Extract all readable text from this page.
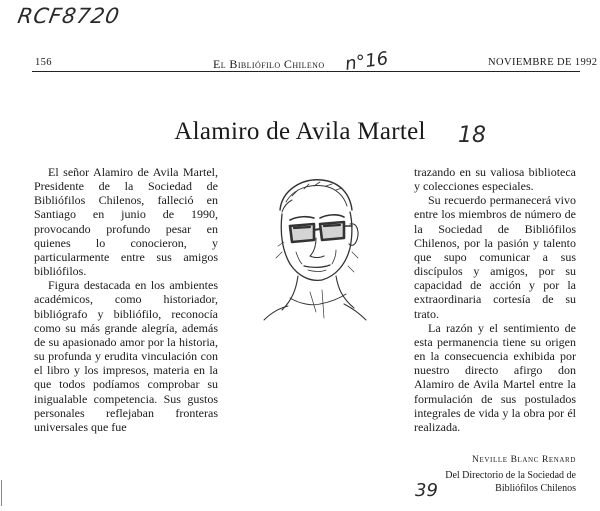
RCF8720
156	El Bibliófilo Chileno n°16	NOVIEMBRE DE 1992
Alamiro de Avila Martel	18

El señor Alamiro de Avila Martel, Presidente de la Sociedad de Bibliófilos Chilenos, falleció en Santiago en junio de 1990, provocando profundo pesar en quienes lo conocieron, y particularmente entre sus amigos bibliófilos.

Figura destacada en los ambientes académicos, como historiador, bibliógrafo y bibliófilo, reconocía como su más grande alegría, además de su apasionado amor por la historia, su profunda y erudita vinculación con el libro y los impresos, materia en la que todos podíamos comprobar su inigualable competencia. Sus gustos personales reflejaban fronteras universales que fue

trazando en su valiosa biblioteca y colecciones especiales.

Su recuerdo permanecerá vivo entre los miembros de número de la Sociedad de Bibliófilos Chilenos, por la pasión y talento que supo comunicar a sus discípulos y amigos, por su capacidad de acción y por la extraordinaria cortesía de su trato.

La razón y el sentimiento de esta permanencia tiene su origen en la consecuencia exhibida por nuestro directo afirgo don Alamiro de Avila Martel entre la formulación de sus postulados integrales de vida y la obra por él realizada.

Neville Blanc Renard
Del Directorio de la Sociedad de
Bibliófilos Chilenos
39
